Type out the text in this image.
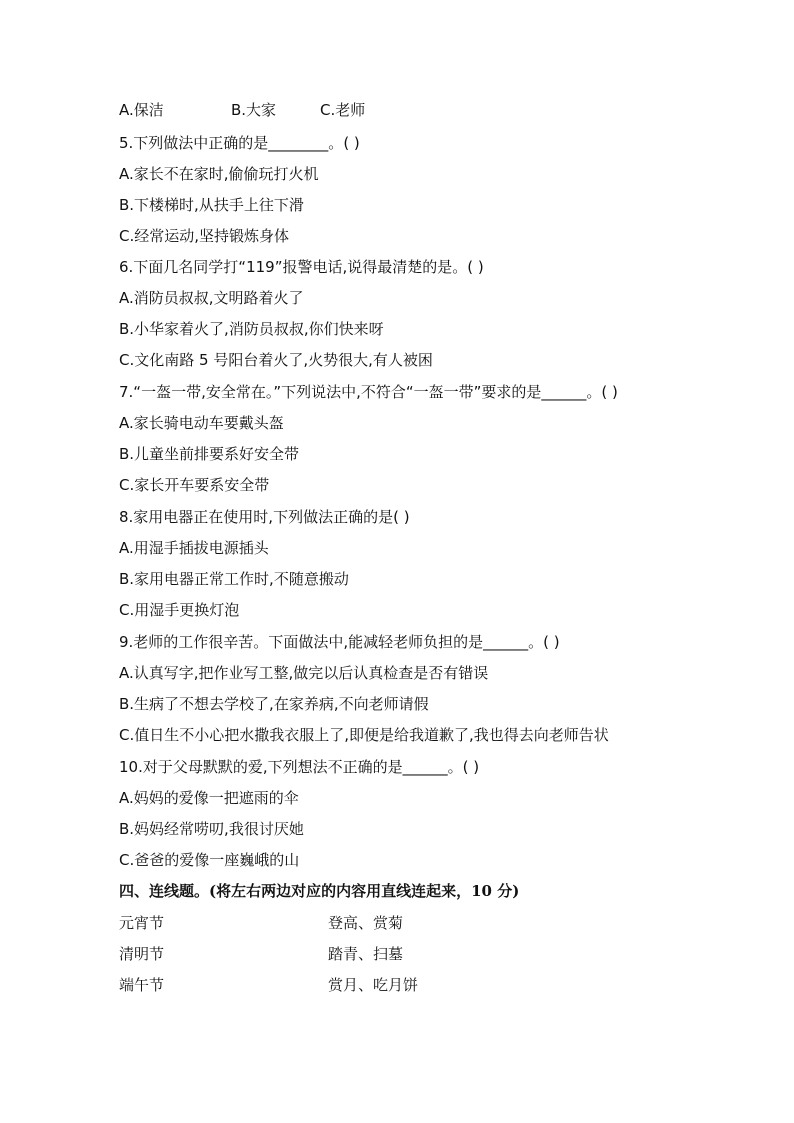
A.保洁	B.大家	C.老师
5.下列做法中正确的是________。( )
A.家长不在家时,偷偷玩打火机
B.下楼梯时,从扶手上往下滑
C.经常运动,坚持锻炼身体
6.下面几名同学打“119”报警电话,说得最清楚的是。( )
A.消防员叔叔,文明路着火了
B.小华家着火了,消防员叔叔,你们快来呀
C.文化南路 5 号阳台着火了,火势很大,有人被困
7.“一盔一带,安全常在。”下列说法中,不符合“一盔一带”要求的是______。( )
A.家长骑电动车要戴头盔
B.儿童坐前排要系好安全带
C.家长开车要系安全带
8.家用电器正在使用时,下列做法正确的是( )
A.用湿手插拔电源插头
B.家用电器正常工作时,不随意搬动
C.用湿手更换灯泡
9.老师的工作很辛苦。下面做法中,能减轻老师负担的是______。( )
A.认真写字,把作业写工整,做完以后认真检查是否有错误
B.生病了不想去学校了,在家养病,不向老师请假
C.值日生不小心把水撒我衣服上了,即便是给我道歉了,我也得去向老师告状
10.对于父母默默的爱,下列想法不正确的是______。( )
A.妈妈的爱像一把遮雨的伞
B.妈妈经常唠叨,我很讨厌她
C.爸爸的爱像一座巍峨的山
四、连线题。(将左右两边对应的内容用直线连起来，10 分)
元宵节	登高、赏菊
清明节	踏青、扫墓
端午节	赏月、吃月饼
